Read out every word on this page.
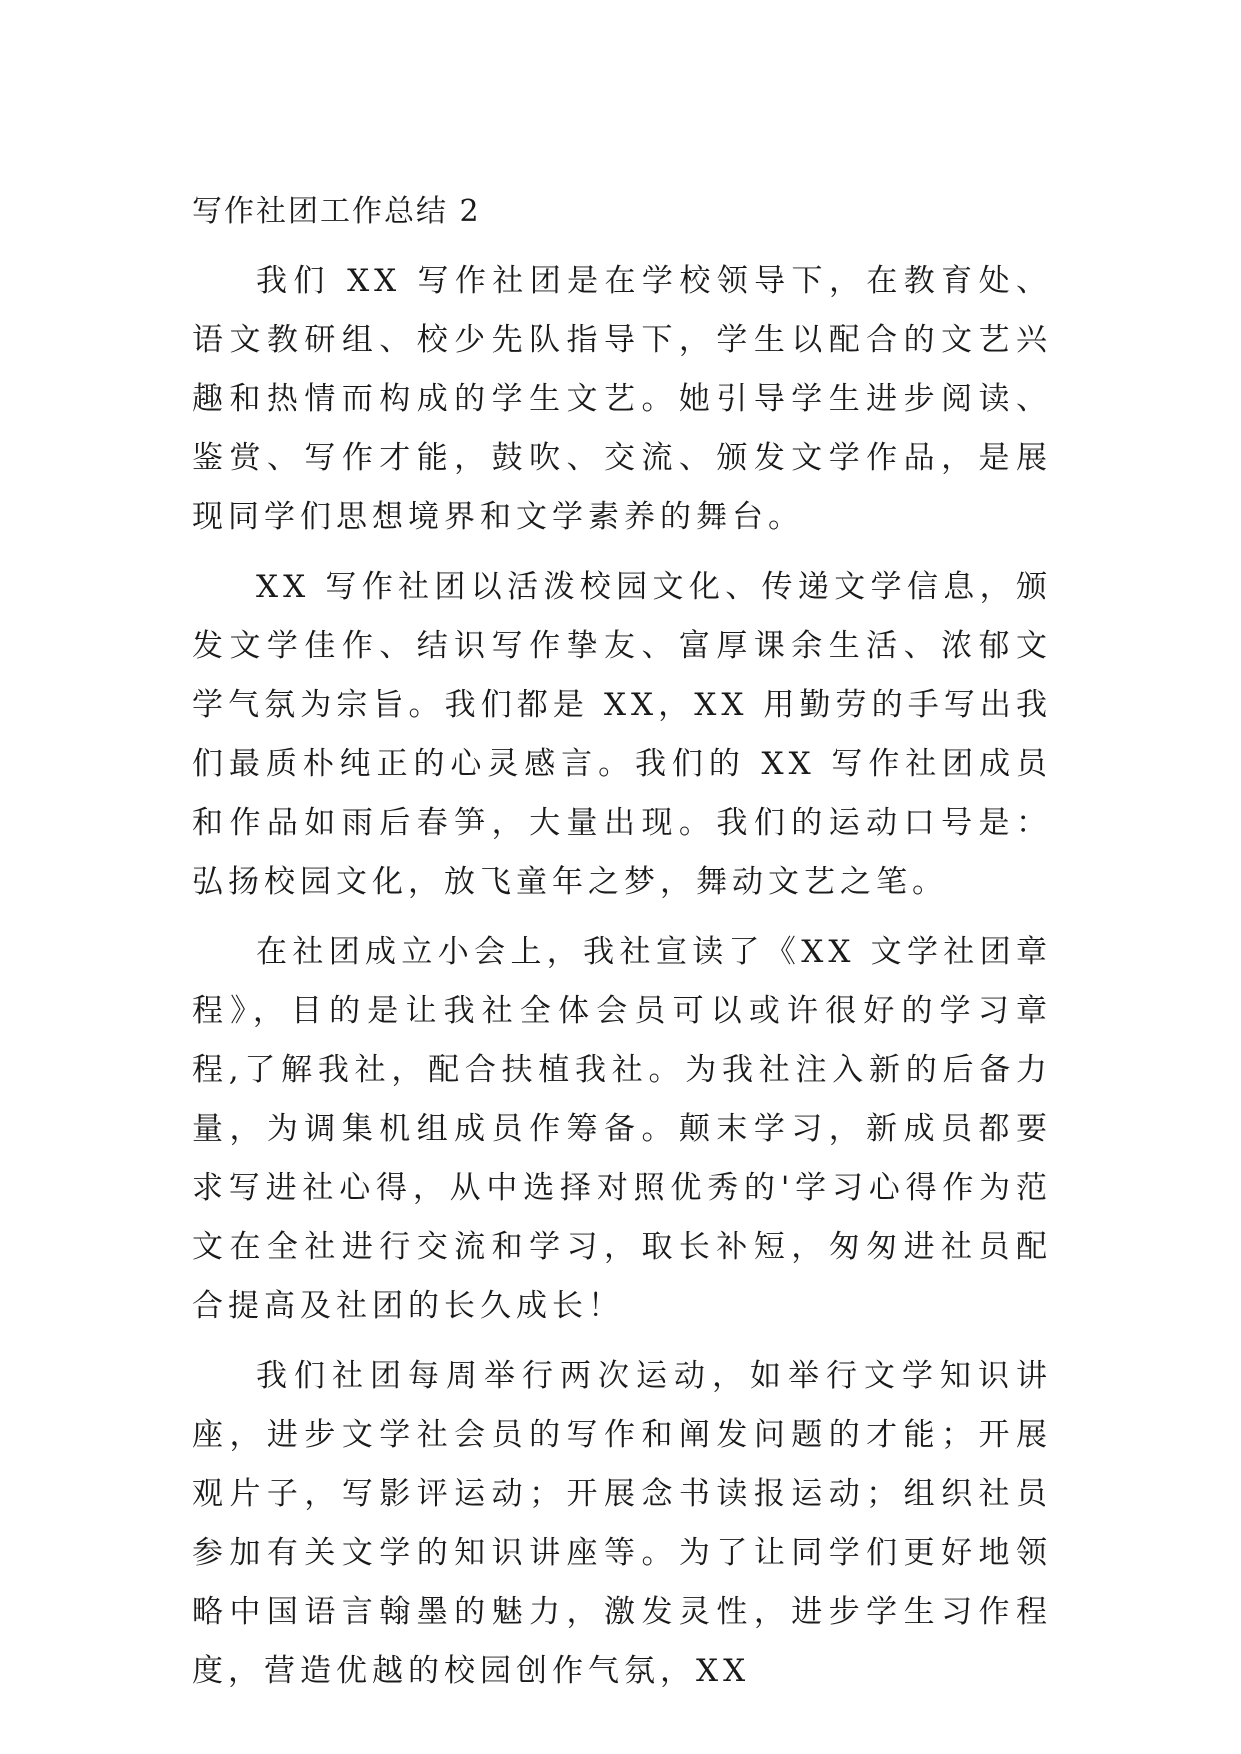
写作社团工作总结 2

我们 XX 写作社团是在学校领导下，在教育处、语文教研组、校少先队指导下，学生以配合的文艺兴趣和热情而构成的学生文艺。她引导学生进步阅读、鉴赏、写作才能，鼓吹、交流、颁发文学作品，是展现同学们思想境界和文学素养的舞台。

XX 写作社团以活泼校园文化、传递文学信息，颁发文学佳作、结识写作挚友、富厚课余生活、浓郁文学气氛为宗旨。我们都是 XX，XX 用勤劳的手写出我们最质朴纯正的心灵感言。我们的 XX 写作社团成员和作品如雨后春笋，大量出现。我们的运动口号是：弘扬校园文化，放飞童年之梦，舞动文艺之笔。

在社团成立小会上，我社宣读了《XX 文学社团章程》，目的是让我社全体会员可以或许很好的学习章程,了解我社，配合扶植我社。为我社注入新的后备力量，为调集机组成员作筹备。颠末学习，新成员都要求写进社心得，从中选择对照优秀的'学习心得作为范文在全社进行交流和学习，取长补短，匆匆进社员配合提高及社团的长久成长！

我们社团每周举行两次运动，如举行文学知识讲座，进步文学社会员的写作和阐发问题的才能；开展观片子，写影评运动；开展念书读报运动；组织社员参加有关文学的知识讲座等。为了让同学们更好地领略中国语言翰墨的魅力，激发灵性，进步学生习作程度，营造优越的校园创作气氛，XX
